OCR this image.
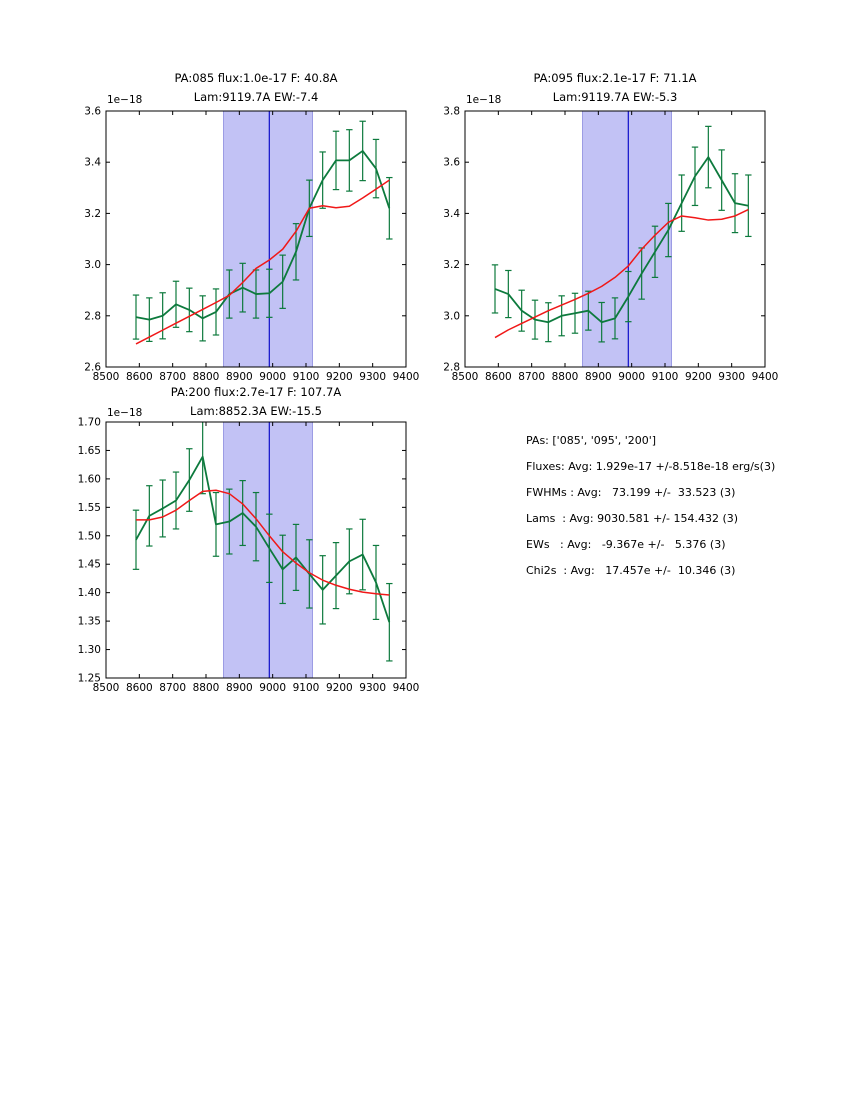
8500 8600 8700 8800 8900 9000 9100 9200 9300 9400
2.6
2.8
3.0
3.2
3.4
3.6
8500 8600 8700 8800 8900 9000 9100 9200 9300 9400
2.8
3.0
3.2
3.4
3.6
3.8
8500 8600 8700 8800 8900 9000 9100 9200 9300 9400
1.25
1.30
1.35
1.40
1.45
1.50
1.55
1.60
1.65
1.70
PA:085 flux:1.0e-17 F: 40.8A
Lam:9119.7A EW:-7.4
1e−18
PA:095 flux:2.1e-17 F: 71.1A
Lam:9119.7A EW:-5.3
1e−18
PA:200 flux:2.7e-17 F: 107.7A
Lam:8852.3A EW:-15.5
1e−18
PAs: ['085', '095', '200']
Fluxes: Avg: 1.929e-17 +/-8.518e-18 erg/s(3)
FWHMs : Avg:   73.199 +/-  33.523 (3)
Lams  : Avg: 9030.581 +/- 154.432 (3)
EWs   : Avg:   -9.367e +/-   5.376 (3)
Chi2s  : Avg:   17.457e +/-  10.346 (3)
